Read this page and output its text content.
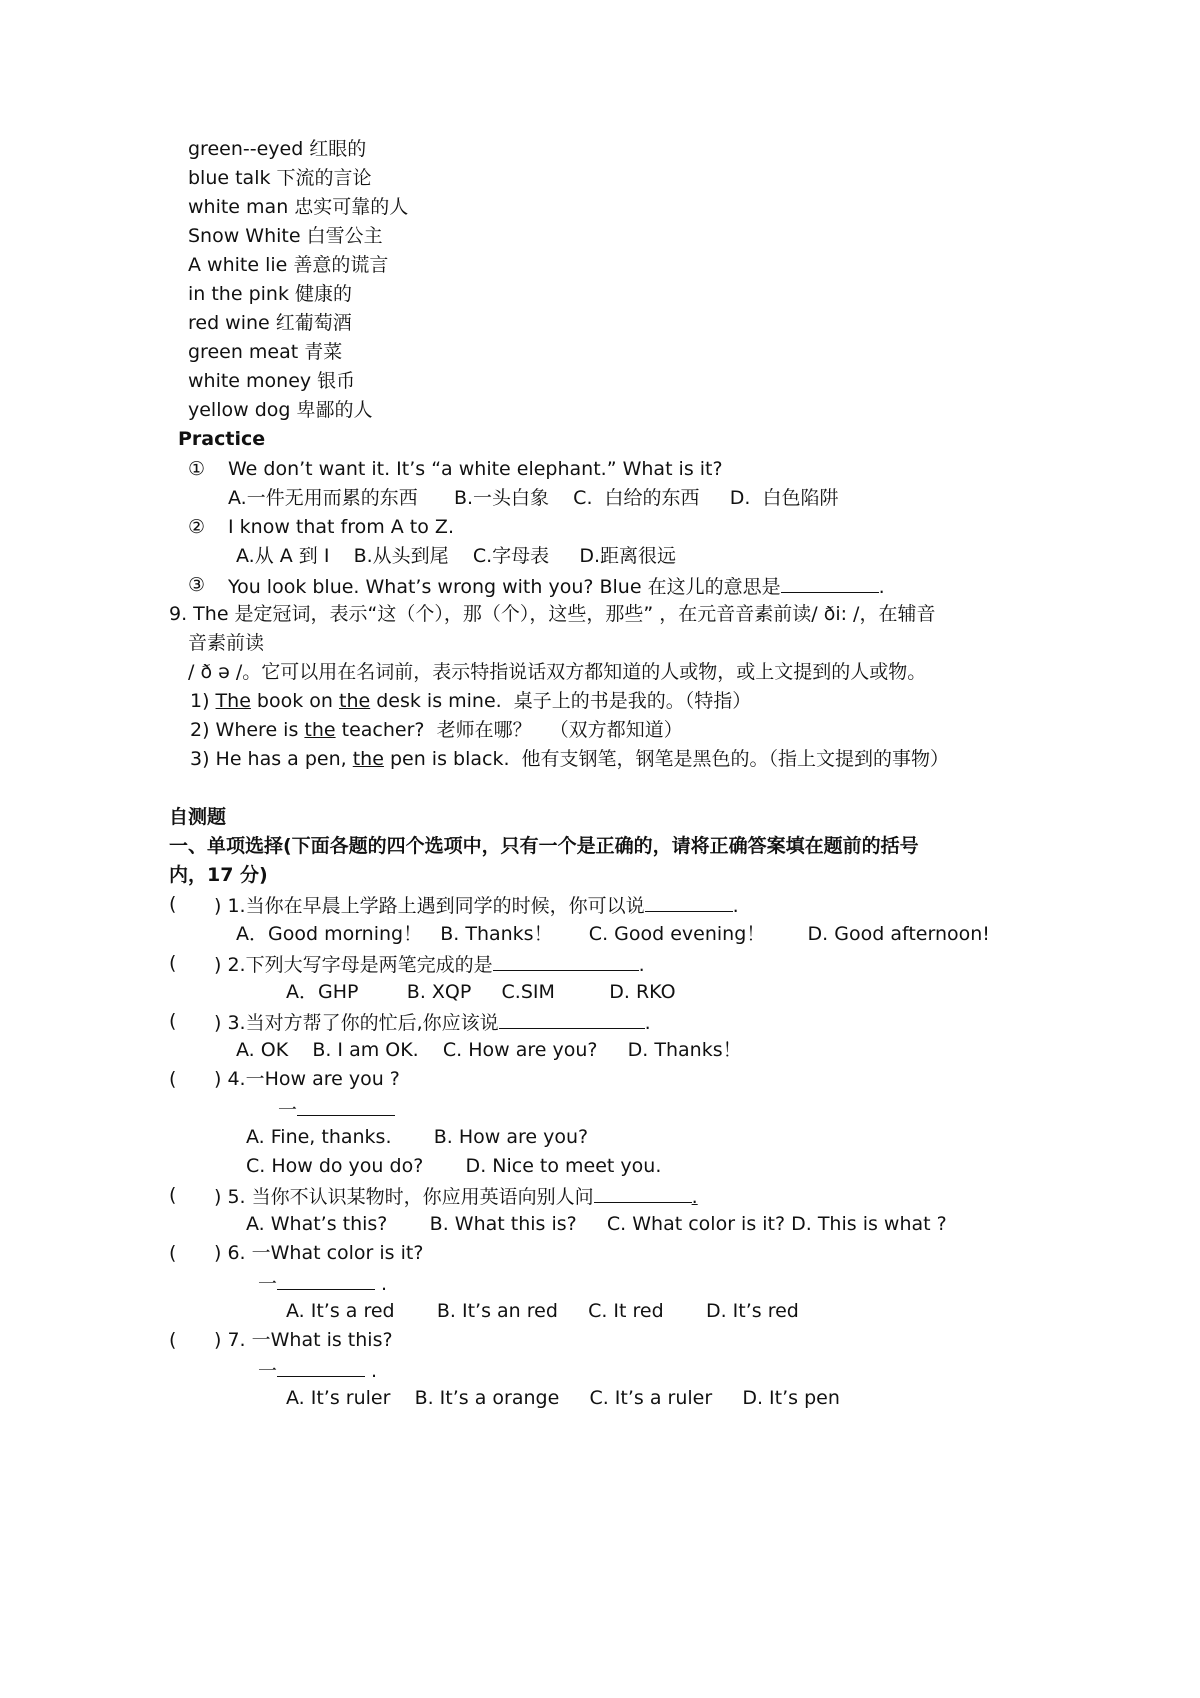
green--eyed 红眼的
blue talk 下流的言论
white man 忠实可靠的人
Snow White 白雪公主
A white lie 善意的谎言
in the pink 健康的
red wine 红葡萄酒
green meat 青菜
white money 银币
yellow dog 卑鄙的人
Practice
① We don’t want it. It’s “a white elephant.” What is it?
A.一件无用而累的东西      B.一头白象    C.  白给的东西     D.  白色陷阱
② I know that from A to Z.
A.从 A 到 I    B.从头到尾    C.字母表     D.距离很远
③ You look blue. What’s wrong with you? Blue 在这儿的意思是	.
9. The 是定冠词，表示“这（个），那（个），这些，那些” ，在元音音素前读/ ði: /，在辅音
音素前读
/ ð ə /。它可以用在名词前，表示特指说话双方都知道的人或物，或上文提到的人或物。
1) The book on the desk is mine.  桌子上的书是我的。（特指）
2) Where is the teacher?  老师在哪？   （双方都知道）
3) He has a pen, the pen is black.  他有支钢笔，钢笔是黑色的。（指上文提到的事物）
自测题
一、单项选择(下面各题的四个选项中，只有一个是正确的，请将正确答案填在题前的括号
内，17 分)
( ) 1.当你在早晨上学路上遇到同学的时候，你可以说	.
A．Good morning！   B. Thanks！      C. Good evening！       D. Good afternoon!
( ) 2.下列大写字母是两笔完成的是	.
A．GHP        B. XQP     C.SIM         D. RKO
( ) 3.当对方帮了你的忙后,你应该说	.
A. OK    B. I am OK.    C. How are you?     D. Thanks！
( ) 4.一How are you ?
一
A. Fine, thanks.       B. How are you?
C. How do you do?       D. Nice to meet you.
( ) 5. 当你不认识某物时，你应用英语向别人问	.
A. What’s this?       B. What this is?     C. What color is it? D. This is what ?
( ) 6. 一What color is it?
一	.
A. It’s a red       B. It’s an red     C. It red       D. It’s red
( ) 7. 一What is this?
一	.
A. It’s ruler    B. It’s a orange     C. It’s a ruler     D. It’s pen
